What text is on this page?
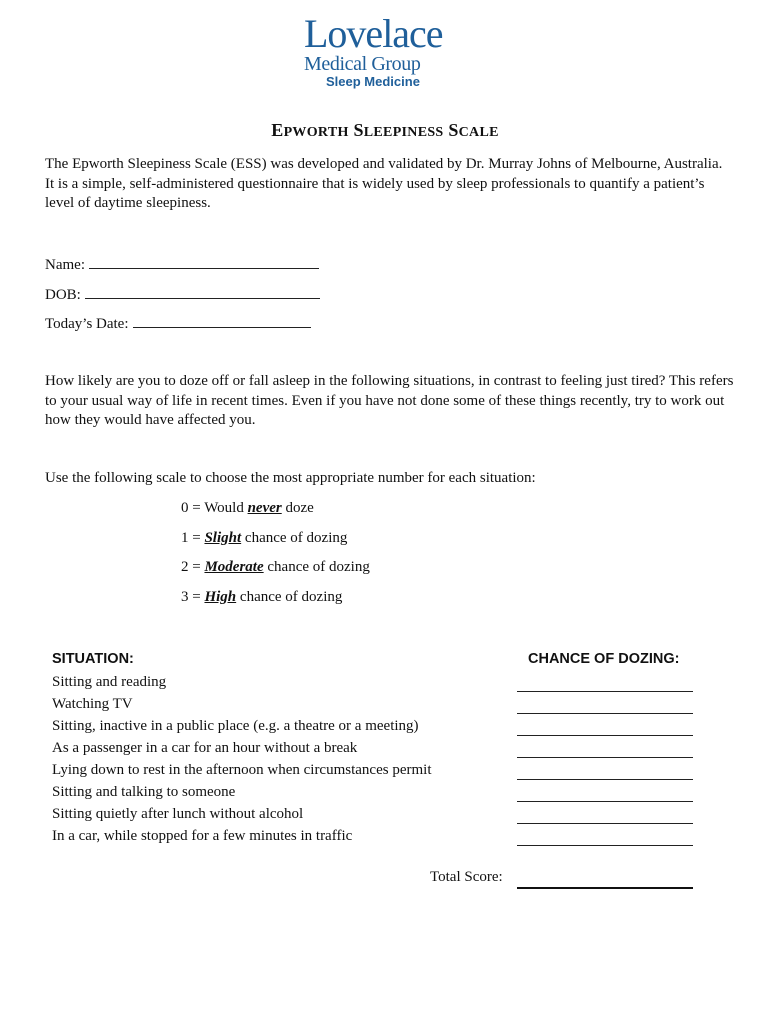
Lovelace
Medical Group
Sleep Medicine
EPWORTH SLEEPINESS SCALE
The Epworth Sleepiness Scale (ESS) was developed and validated by Dr. Murray Johns of Melbourne, Australia. It is a simple, self-administered questionnaire that is widely used by sleep professionals to quantify a patient’s level of daytime sleepiness.
Name:
DOB:
Today’s Date:
How likely are you to doze off or fall asleep in the following situations, in contrast to feeling just tired? This refers to your usual way of life in recent times. Even if you have not done some of these things recently, try to work out how they would have affected you.
Use the following scale to choose the most appropriate number for each situation:
0 = Would never doze
1 = Slight chance of dozing
2 = Moderate chance of dozing
3 = High chance of dozing
SITUATION:	CHANCE OF DOZING:
Sitting and reading
Watching TV
Sitting, inactive in a public place (e.g. a theatre or a meeting)
As a passenger in a car for an hour without a break
Lying down to rest in the afternoon when circumstances permit
Sitting and talking to someone
Sitting quietly after lunch without alcohol
In a car, while stopped for a few minutes in traffic
Total Score:
